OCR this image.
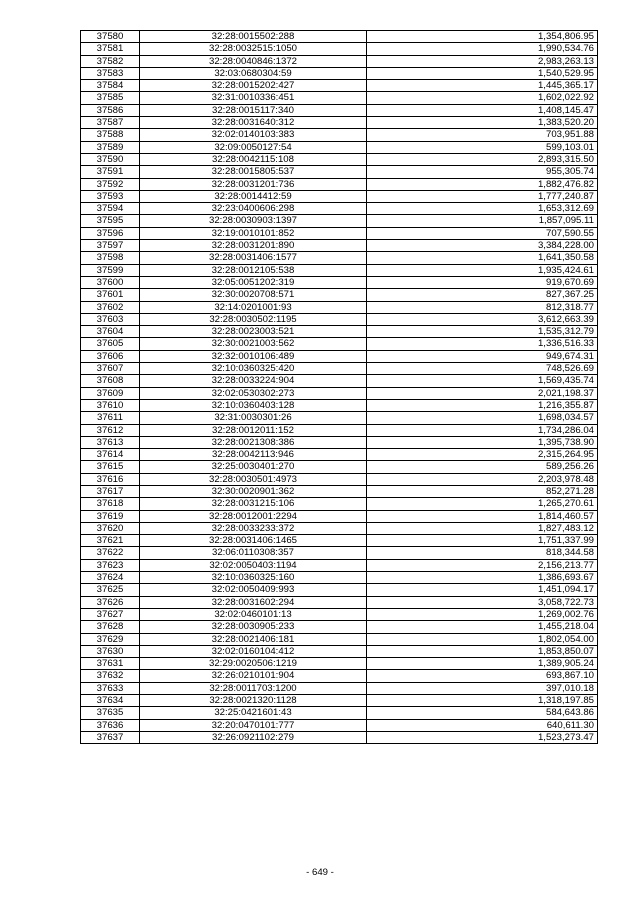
37580	32:28:0015502:288	1,354,806.95
37581	32:28:0032515:1050	1,990,534.76
37582	32:28:0040846:1372	2,983,263.13
37583	32:03:0680304:59	1,540,529.95
37584	32:28:0015202:427	1,445,365.17
37585	32:31:0010336:451	1,602,022.92
37586	32:28:0015117:340	1,408,145.47
37587	32:28:0031640:312	1,383,520.20
37588	32:02:0140103:383	703,951.88
37589	32:09:0050127:54	599,103.01
37590	32:28:0042115:108	2,893,315.50
37591	32:28:0015805:537	955,305.74
37592	32:28:0031201:736	1,882,476.82
37593	32:28:0014412:59	1,777,240.87
37594	32:23:0400606:298	1,653,312.69
37595	32:28:0030903:1397	1,857,095.11
37596	32:19:0010101:852	707,590.55
37597	32:28:0031201:890	3,384,228.00
37598	32:28:0031406:1577	1,641,350.58
37599	32:28:0012105:538	1,935,424.61
37600	32:05:0051202:319	919,670.69
37601	32:30:0020708:571	827,367.25
37602	32:14:0201001:93	812,318.77
37603	32:28:0030502:1195	3,612,663.39
37604	32:28:0023003:521	1,535,312.79
37605	32:30:0021003:562	1,336,516.33
37606	32:32:0010106:489	949,674.31
37607	32:10:0360325:420	748,526.69
37608	32:28:0033224:904	1,569,435.74
37609	32:02:0530302:273	2,021,198.37
37610	32:10:0360403:128	1,216,355.87
37611	32:31:0030301:26	1,698,034.57
37612	32:28:0012011:152	1,734,286.04
37613	32:28:0021308:386	1,395,738.90
37614	32:28:0042113:946	2,315,264.95
37615	32:25:0030401:270	589,256.26
37616	32:28:0030501:4973	2,203,978.48
37617	32:30:0020901:362	852,271.28
37618	32:28:0031215:106	1,265,270.61
37619	32:28:0012001:2294	1,814,460.57
37620	32:28:0033233:372	1,827,483.12
37621	32:28:0031406:1465	1,751,337.99
37622	32:06:0110308:357	818,344.58
37623	32:02:0050403:1194	2,156,213.77
37624	32:10:0360325:160	1,386,693.67
37625	32:02:0050409:993	1,451,094.17
37626	32:28:0031602:294	3,058,722.73
37627	32:02:0460101:13	1,269,002.76
37628	32:28:0030905:233	1,455,218.04
37629	32:28:0021406:181	1,802,054.00
37630	32:02:0160104:412	1,853,850.07
37631	32:29:0020506:1219	1,389,905.24
37632	32:26:0210101:904	693,867.10
37633	32:28:0011703:1200	397,010.18
37634	32:28:0021320:1128	1,318,197.85
37635	32:25:0421601:43	584,643.86
37636	32:20:0470101:777	640,611.30
37637	32:26:0921102:279	1,523,273.47
- 649 -
